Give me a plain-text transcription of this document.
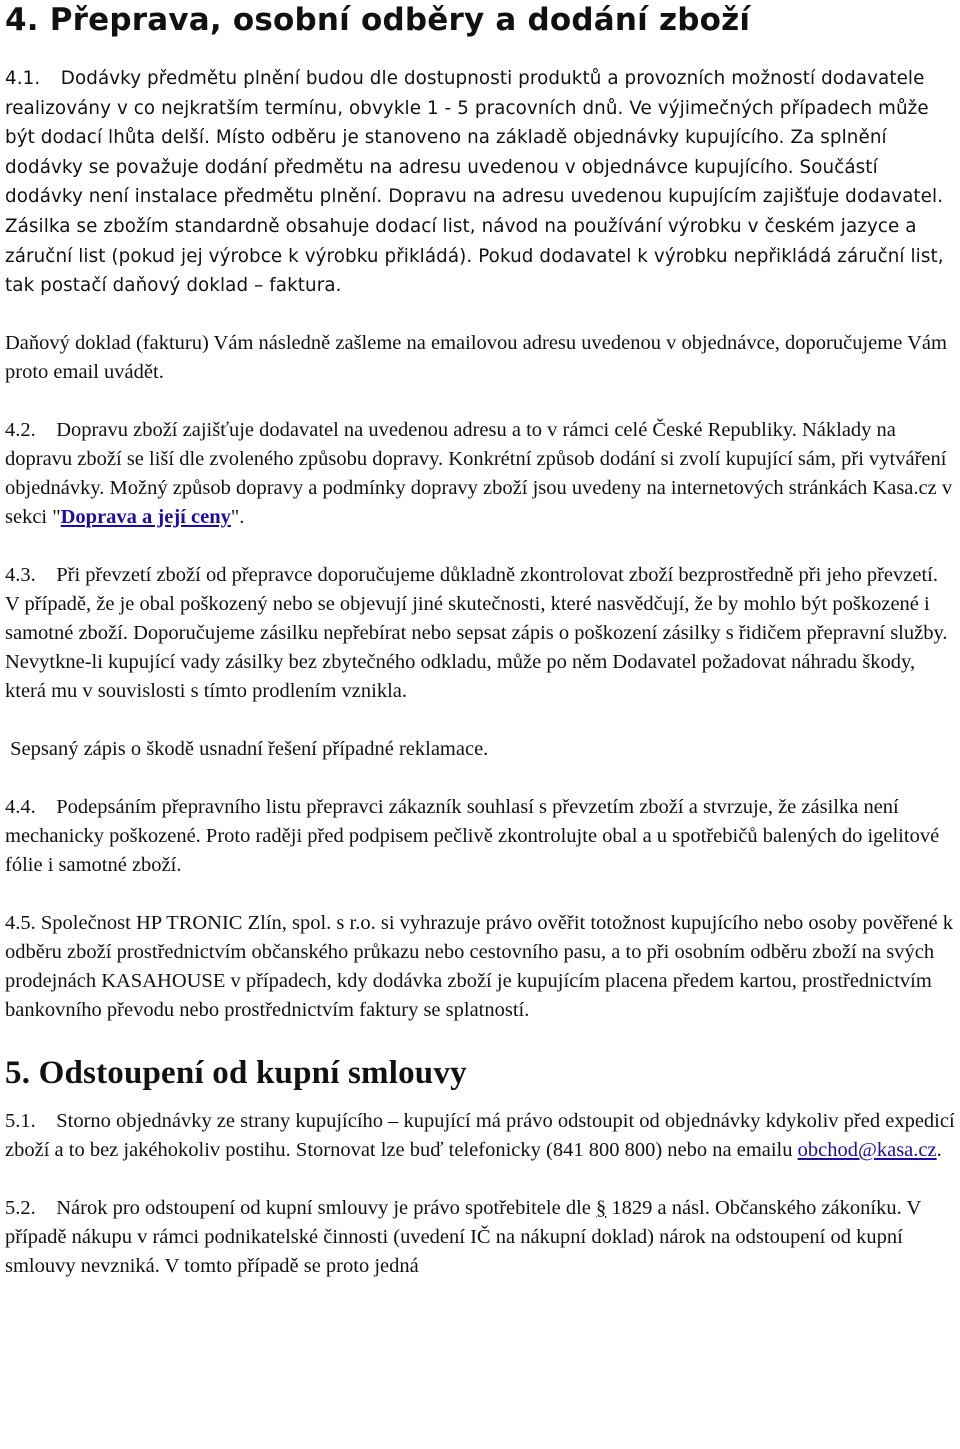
4. Přeprava, osobní odběry a dodání zboží

4.1. Dodávky předmětu plnění budou dle dostupnosti produktů a provozních možností dodavatele realizovány v co nejkratším termínu, obvykle 1 - 5 pracovních dnů. Ve výjimečných případech může být dodací lhůta delší. Místo odběru je stanoveno na základě objednávky kupujícího. Za splnění dodávky se považuje dodání předmětu na adresu uvedenou v objednávce kupujícího. Součástí dodávky není instalace předmětu plnění. Dopravu na adresu uvedenou kupujícím zajišťuje dodavatel. Zásilka se zbožím standardně obsahuje dodací list, návod na používání výrobku v českém jazyce a záruční list (pokud jej výrobce k výrobku přikládá). Pokud dodavatel k výrobku nepřikládá záruční list, tak postačí daňový doklad – faktura.

Daňový doklad (fakturu) Vám následně zašleme na emailovou adresu uvedenou v objednávce, doporučujeme Vám proto email uvádět.

4.2. Dopravu zboží zajišťuje dodavatel na uvedenou adresu a to v rámci celé České Republiky. Náklady na dopravu zboží se liší dle zvoleného způsobu dopravy. Konkrétní způsob dodání si zvolí kupující sám, při vytváření objednávky. Možný způsob dopravy a podmínky dopravy zboží jsou uvedeny na internetových stránkách Kasa.cz v sekci "Doprava a její ceny".

4.3. Při převzetí zboží od přepravce doporučujeme důkladně zkontrolovat zboží bezprostředně při jeho převzetí. V případě, že je obal poškozený nebo se objevují jiné skutečnosti, které nasvědčují, že by mohlo být poškozené i samotné zboží. Doporučujeme zásilku nepřebírat nebo sepsat zápis o poškození zásilky s řidičem přepravní služby. Nevytkne-li kupující vady zásilky bez zbytečného odkladu, může po něm Dodavatel požadovat náhradu škody, která mu v souvislosti s tímto prodlením vznikla.

Sepsaný zápis o škodě usnadní řešení případné reklamace.

4.4. Podepsáním přepravního listu přepravci zákazník souhlasí s převzetím zboží a stvrzuje, že zásilka není mechanicky poškozené. Proto raději před podpisem pečlivě zkontrolujte obal a u spotřebičů balených do igelitové fólie i samotné zboží.

4.5. Společnost HP TRONIC Zlín, spol. s r.o. si vyhrazuje právo ověřit totožnost kupujícího nebo osoby pověřené k odběru zboží prostřednictvím občanského průkazu nebo cestovního pasu, a to při osobním odběru zboží na svých prodejnách KASAHOUSE v případech, kdy dodávka zboží je kupujícím placena předem kartou, prostřednictvím bankovního převodu nebo prostřednictvím faktury se splatností.

5. Odstoupení od kupní smlouvy

5.1. Storno objednávky ze strany kupujícího – kupující má právo odstoupit od objednávky kdykoliv před expedicí zboží a to bez jakéhokoliv postihu. Stornovat lze buď telefonicky (841 800 800) nebo na emailu obchod@kasa.cz.

5.2. Nárok pro odstoupení od kupní smlouvy je právo spotřebitele dle § 1829 a násl. Občanského zákoníku. V případě nákupu v rámci podnikatelské činnosti (uvedení IČ na nákupní doklad) nárok na odstoupení od kupní smlouvy nevzniká. V tomto případě se proto jedná
